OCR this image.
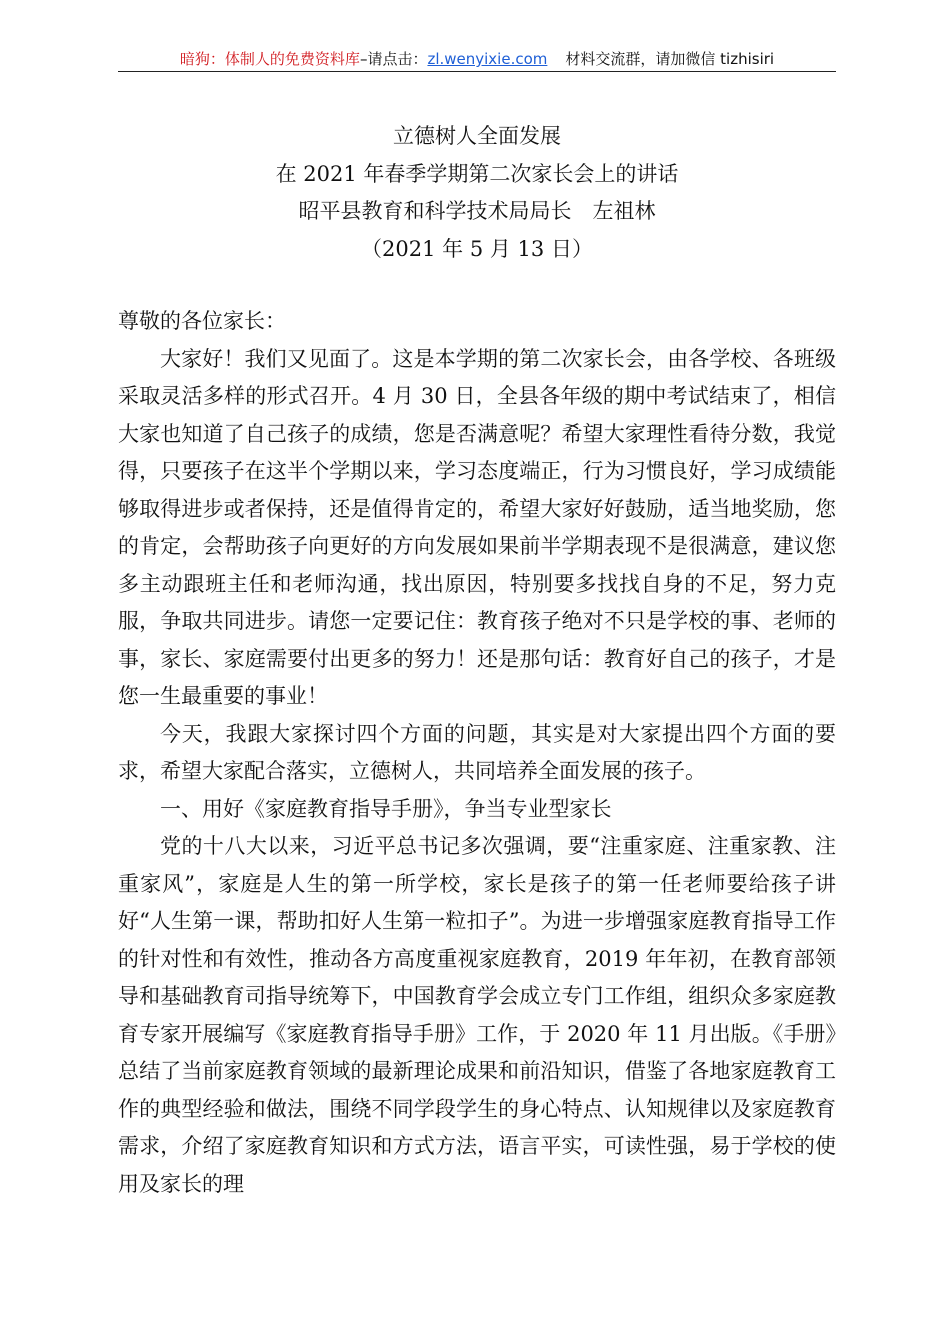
暗狗：体制人的免费资料库–请点击：zl.wenyixie.com 材料交流群，请加微信 tizhisiri
立德树人全面发展
在 2021 年春季学期第二次家长会上的讲话
昭平县教育和科学技术局局长　左祖林
（2021 年 5 月 13 日）

尊敬的各位家长：

大家好！我们又见面了。这是本学期的第二次家长会，由各学校、各班级采取灵活多样的形式召开。4 月 30 日，全县各年级的期中考试结束了，相信大家也知道了自己孩子的成绩，您是否满意呢？希望大家理性看待分数，我觉得，只要孩子在这半个学期以来，学习态度端正，行为习惯良好，学习成绩能够取得进步或者保持，还是值得肯定的，希望大家好好鼓励，适当地奖励，您的肯定，会帮助孩子向更好的方向发展如果前半学期表现不是很满意，建议您多主动跟班主任和老师沟通，找出原因，特别要多找找自身的不足，努力克服，争取共同进步。请您一定要记住：教育孩子绝对不只是学校的事、老师的事，家长、家庭需要付出更多的努力！还是那句话：教育好自己的孩子，才是您一生最重要的事业！

今天，我跟大家探讨四个方面的问题，其实是对大家提出四个方面的要求，希望大家配合落实，立德树人，共同培养全面发展的孩子。

一、用好《家庭教育指导手册》，争当专业型家长

党的十八大以来，习近平总书记多次强调，要“注重家庭、注重家教、注重家风”，家庭是人生的第一所学校，家长是孩子的第一任老师要给孩子讲好“人生第一课，帮助扣好人生第一粒扣子”。为进一步增强家庭教育指导工作的针对性和有效性，推动各方高度重视家庭教育，2019 年年初，在教育部领导和基础教育司指导统筹下，中国教育学会成立专门工作组，组织众多家庭教育专家开展编写《家庭教育指导手册》工作，于 2020 年 11 月出版。《手册》总结了当前家庭教育领域的最新理论成果和前沿知识，借鉴了各地家庭教育工作的典型经验和做法，围绕不同学段学生的身心特点、认知规律以及家庭教育需求，介绍了家庭教育知识和方式方法，语言平实，可读性强，易于学校的使用及家长的理
